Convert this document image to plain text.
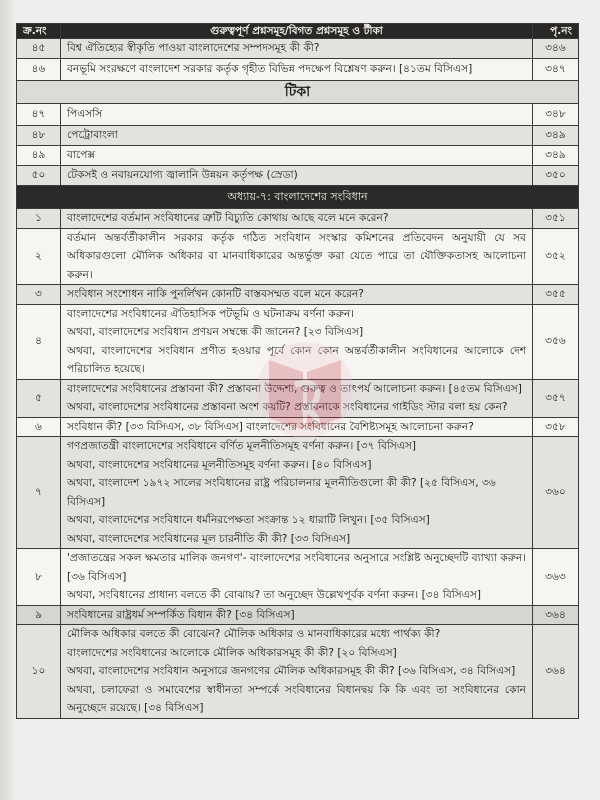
ক্র.নং	গুরুত্বপূর্ণ প্রশ্নসমূহ/বিগত প্রশ্নসমূহ ও টীকা	পৃ.নং
৪৫	বিশ্ব ঐতিহ্যের স্বীকৃতি পাওয়া বাংলাদেশের সম্পদসমূহ কী কী?	৩৪৬
৪৬	বনভূমি সংরক্ষণে বাংলাদেশ সরকার কর্তৃক গৃহীত বিভিন্ন পদক্ষেপ বিশ্লেষণ করুন। [৪১তম বিসিএস]	৩৪৭
টিকা		
৪৭	পিএসসি	৩৪৮
৪৮	পেট্রোবাংলা	৩৪৯
৪৯	বাপেক্স	৩৪৯
৫০	টেকসই ও নবায়নযোগ্য জ্বালানি উন্নয়ন কর্তৃপক্ষ (স্রেডা)	৩৫০
অধ্যায়-৭: বাংলাদেশের সংবিধান		
১	বাংলাদেশের বর্তমান সংবিধানের ত্রুটি বিচ্যুতি কোথায় আছে বলে মনে করেন?	৩৫১
২	বর্তমান অন্তর্বর্তীকালীন সরকার কর্তৃক গঠিত সংবিধান সংস্কার কমিশনের প্রতিবেদন অনুযায়ী যে সব অধিকারগুলো মৌলিক অধিকার বা মানবাধিকারের অন্তর্ভুক্ত করা যেতে পারে তা যৌক্তিকতাসহ আলোচনা করুন।	৩৫২
৩	সংবিধান সংশোধন নাকি পুনর্লিখন কোনটি বাস্তবসম্মত বলে মনে করেন?	৩৫৫
৪	বাংলাদেশের সংবিধানের ঐতিহাসিক পটভূমি ও ঘটনাক্রম বর্ণনা করুন।
অথবা, বাংলাদেশের সংবিধান প্রণয়ন সম্বন্ধে কী জানেন? [২৩ বিসিএস]
অথবা, বাংলাদেশের সংবিধান প্রণীত হওয়ার পূর্বে কোন কোন অন্তর্বর্তীকালীন সংবিধানের আলোকে দেশ পরিচালিত হয়েছে।	৩৫৬
৫	বাংলাদেশের সংবিধানের প্রস্তাবনা কী? প্রস্তাবনা উদ্দেশ্য, গুরুত্ব ও তাৎপর্য আলোচনা করুন। [৪৫তম বিসিএস]
অথবা, বাংলাদেশের সংবিধানের প্রস্তাবনা অংশ কয়টি? প্রস্তাবনাকে সংবিধানের গাইডিং স্টার বলা হয় কেন?	৩৫৭
৬	সংবিধান কী? [৩৩ বিসিএস, ৩৮ বিসিএস] বাংলাদেশের সংবিধানের বৈশিষ্ট্যসমূহ আলোচনা করুন?	৩৫৮
৭	গণপ্রজাতন্ত্রী বাংলাদেশের সংবিধানে বর্ণিত মূলনীতিসমূহ বর্ণনা করুন। [৩৭ বিসিএস]
অথবা, বাংলাদেশের সংবিধানের মূলনীতিসমূহ বর্ণনা করুন। [৪০ বিসিএস]
অথবা, বাংলাদেশ ১৯৭২ সালের সংবিধানের রাষ্ট্র পরিচালনার মূলনীতিগুলো কী কী? [২৫ বিসিএস, ৩৬ বিসিএস]
অথবা, বাংলাদেশের সংবিধানে ধর্মনিরপেক্ষতা সংক্রান্ত ১২ ধারাটি লিখুন। [৩৫ বিসিএস]
অথবা, বাংলাদেশের সংবিধানের মূল চারনীতি কী কী? [৩৩ বিসিএস]	৩৬০
৮	'প্রজাতন্ত্রের সকল ক্ষমতার মালিক জনগণ'- বাংলাদেশের সংবিধানের অনুসারে সংশ্লিষ্ট অনুচ্ছেদটি ব্যাখ্যা করুন। [৩৬ বিসিএস]
অথবা, সংবিধানের প্রাধান্য বলতে কী বোঝায়? তা অনুচ্ছেদ উল্লেখপূর্বক বর্ণনা করুন। [৩৪ বিসিএস]	৩৬৩
৯	সংবিধানের রাষ্ট্রধর্ম সম্পর্কিত বিধান কী? [৩৪ বিসিএস]	৩৬৪
১০	মৌলিক অধিকার বলতে কী বোঝেন? মৌলিক অধিকার ও মানবাধিকারের মধ্যে পার্থক্য কী?
বাংলাদেশের সংবিধানের আলোকে মৌলিক অধিকারসমূহ কী কী? [২০ বিসিএস]
অথবা, বাংলাদেশের সংবিধান অনুসারে জনগণের মৌলিক অধিকারসমূহ কী কী? [৩৬ বিসিএস, ৩৪ বিসিএস]
অথবা, চলাফেরা ও সমাবেশের স্বাধীনতা সম্পর্কে সংবিধানের বিধানদ্বয় কি কি এবং তা সংবিধানের কোন অনুচ্ছেদে রয়েছে। [৩৪ বিসিএস]	৩৬৪
